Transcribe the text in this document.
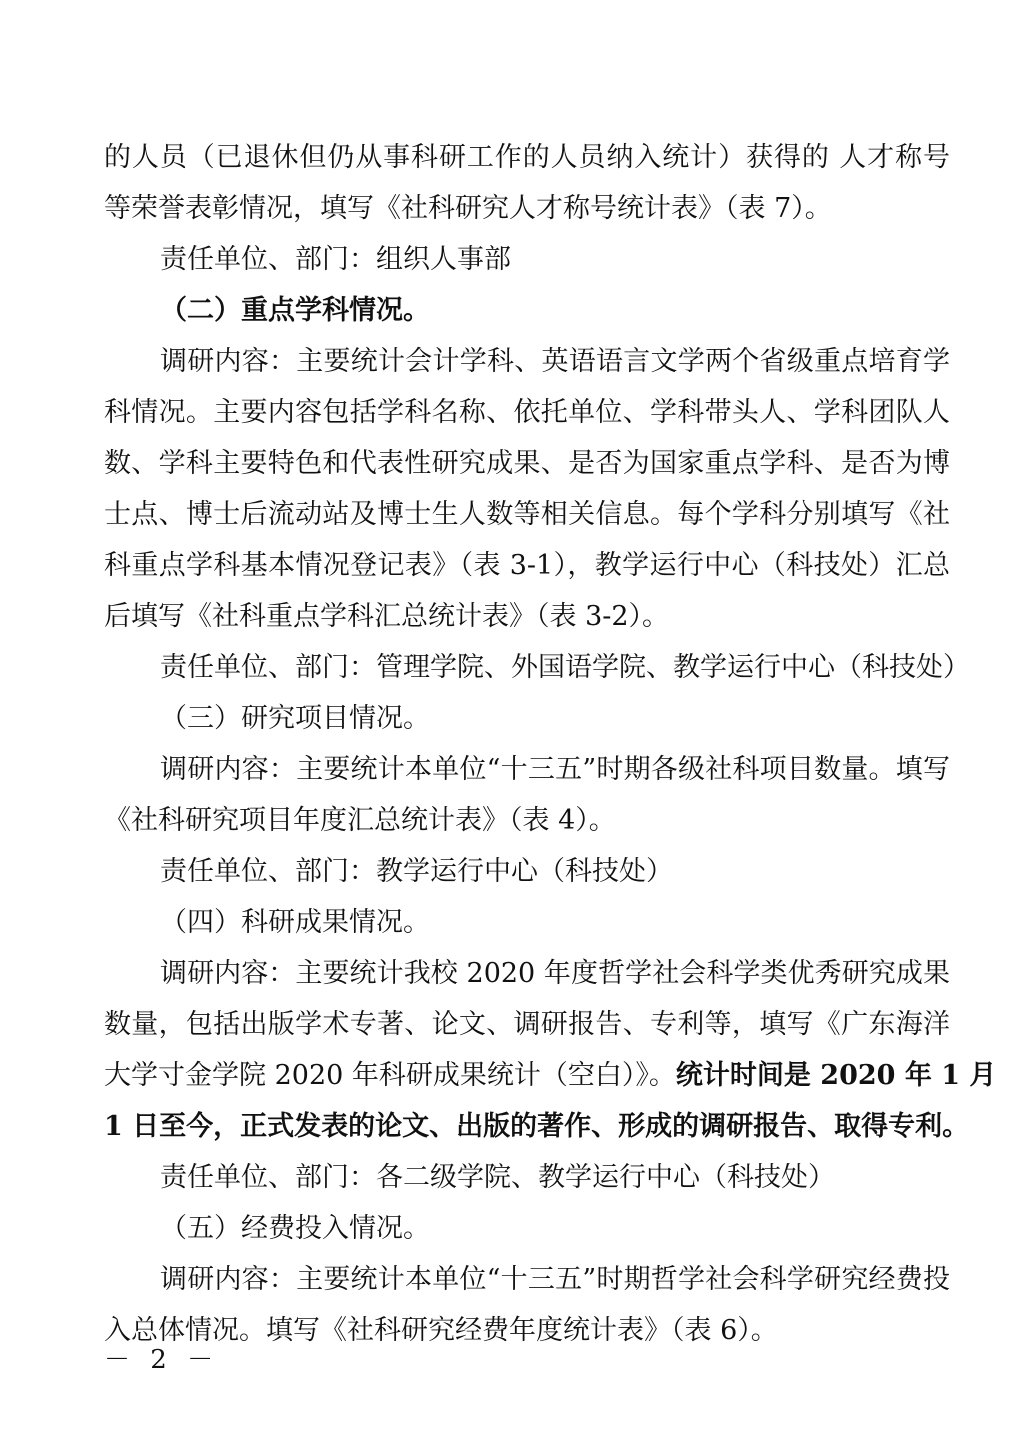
的人员（已退休但仍从事科研工作的人员纳入统计）获得的 人才称号
等荣誉表彰情况，填写《社科研究人才称号统计表》（表 7）。
责任单位、部门：组织人事部
（二）重点学科情况。
调研内容：主要统计会计学科、英语语言文学两个省级重点培育学
科情况。主要内容包括学科名称、依托单位、学科带头人、学科团队人
数、学科主要特色和代表性研究成果、是否为国家重点学科、是否为博
士点、博士后流动站及博士生人数等相关信息。每个学科分别填写《社
科重点学科基本情况登记表》（表 3-1），教学运行中心（科技处）汇总
后填写《社科重点学科汇总统计表》（表 3-2）。
责任单位、部门：管理学院、外国语学院、教学运行中心（科技处）
（三）研究项目情况。
调研内容：主要统计本单位“十三五”时期各级社科项目数量。填写
《社科研究项目年度汇总统计表》（表 4）。
责任单位、部门：教学运行中心（科技处）
（四）科研成果情况。
调研内容：主要统计我校 2020 年度哲学社会科学类优秀研究成果
数量，包括出版学术专著、论文、调研报告、专利等，填写《广东海洋
大学寸金学院 2020 年科研成果统计（空白）》。统计时间是 2020 年 1 月
1 日至今，正式发表的论文、出版的著作、形成的调研报告、取得专利。
责任单位、部门：各二级学院、教学运行中心（科技处）
（五）经费投入情况。
调研内容：主要统计本单位“十三五”时期哲学社会科学研究经费投
入总体情况。填写《社科研究经费年度统计表》（表 6）。
－ 2 －
